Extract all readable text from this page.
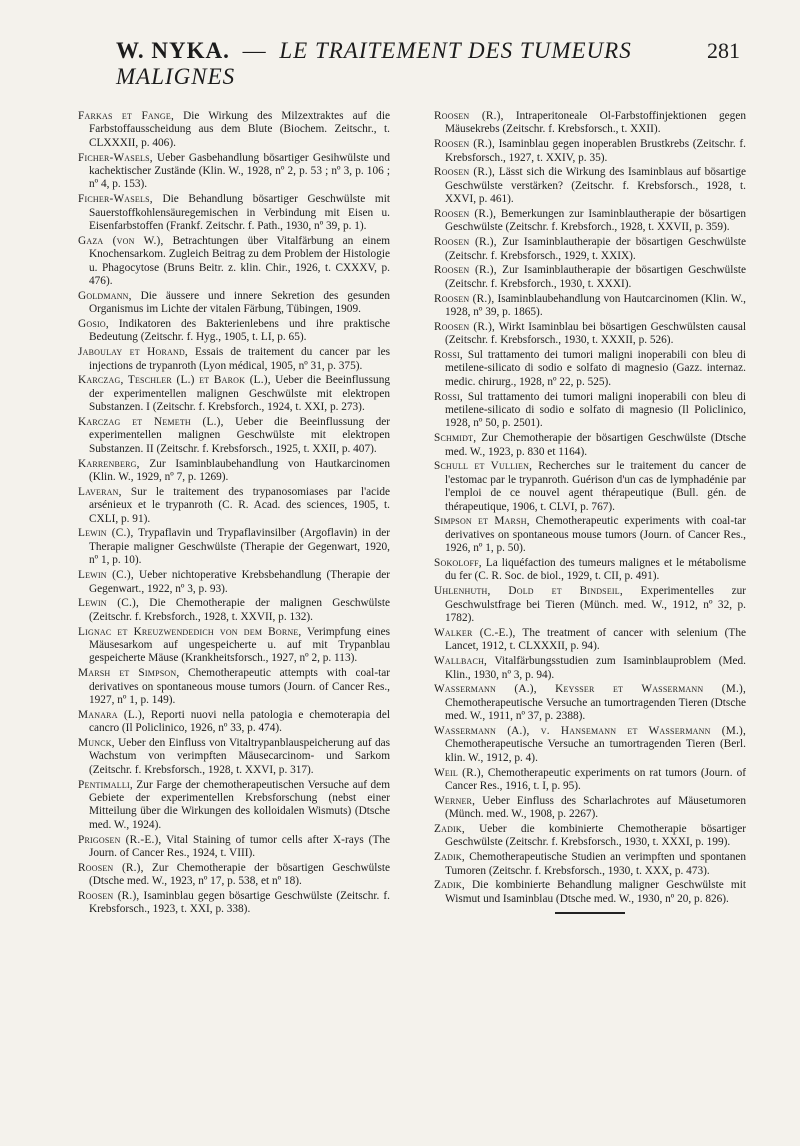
W. NYKA. — LE TRAITEMENT DES TUMEURS MALIGNES
281

Farkas et Fange, Die Wirkung des Milzextraktes auf die Farbstoffausscheidung aus dem Blute (Biochem. Zeitschr., t. CLXXXII, p. 406).

Ficher-Wasels, Ueber Gasbehandlung bösartiger Gesihwülste und kachektischer Zustände (Klin. W., 1928, nº 2, p. 53 ; nº 3, p. 106 ; nº 4, p. 153).

Ficher-Wasels, Die Behandlung bösartiger Geschwülste mit Sauerstoffkohlensäuregemischen in Verbindung mit Eisen u. Eisenfarbstoffen (Frankf. Zeitschr. f. Path., 1930, nº 39, p. 1).

Gaza (von W.), Betrachtungen über Vitalfärbung an einem Knochensarkom. Zugleich Beitrag zu dem Problem der Histologie u. Phagocytose (Bruns Beitr. z. klin. Chir., 1926, t. CXXXV, p. 476).

Goldmann, Die äussere und innere Sekretion des gesunden Organismus im Lichte der vitalen Färbung, Tübingen, 1909.

Gosio, Indikatoren des Bakterienlebens und ihre praktische Bedeutung (Zeitschr. f. Hyg., 1905, t. LI, p. 65).

Jaboulay et Horand, Essais de traitement du cancer par les injections de trypanroth (Lyon médical, 1905, nº 31, p. 375).

Karczag, Teschler (L.) et Barok (L.), Ueber die Beeinflussung der experimentellen malignen Geschwülste mit elektropen Substanzen. I (Zeitschr. f. Krebsforch., 1924, t. XXI, p. 273).

Karczag et Nemeth (L.), Ueber die Beeinflussung der experimentellen malignen Geschwülste mit elektropen Substanzen. II (Zeitschr. f. Krebsforsch., 1925, t. XXII, p. 407).

Karrenberg, Zur Isaminblaubehandlung von Hautkarcinomen (Klin. W., 1929, nº 7, p. 1269).

Laveran, Sur le traitement des trypanosomiases par l'acide arsénieux et le trypanroth (C. R. Acad. des sciences, 1905, t. CXLI, p. 91).

Lewin (C.), Trypaflavin und Trypaflavinsilber (Argoflavin) in der Therapie maligner Geschwülste (Therapie der Gegenwart, 1920, nº 1, p. 10).

Lewin (C.), Ueber nichtoperative Krebsbehandlung (Therapie der Gegenwart., 1922, nº 3, p. 93).

Lewin (C.), Die Chemotherapie der malignen Geschwülste (Zeitschr. f. Krebsforch., 1928, t. XXVII, p. 132).

Lignac et Kreuzwendedich von dem Borne, Verimpfung eines Mäusesarkom auf ungespeicherte u. auf mit Trypanblau gespeicherte Mäuse (Krankheitsforsch., 1927, nº 2, p. 113).

Marsh et Simpson, Chemotherapeutic attempts with coal-tar derivatives on spontaneous mouse tumors (Journ. of Cancer Res., 1927, nº 1, p. 149).

Manara (L.), Reporti nuovi nella patologia e chemoterapia del cancro (Il Policlinico, 1926, nº 33, p. 474).

Munck, Ueber den Einfluss von Vitaltrypanblauspeicherung auf das Wachstum von verimpften Mäusecarcinom- und Sarkom (Zeitschr. f. Krebsforsch., 1928, t. XXVI, p. 317).

Pentimalli, Zur Farge der chemotherapeutischen Versuche auf dem Gebiete der experimentellen Krebsforschung (nebst einer Mitteilung über die Wirkungen des kolloidalen Wismuts) (Dtsche med. W., 1924).

Prigosen (R.-E.), Vital Staining of tumor cells after X-rays (The Journ. of Cancer Res., 1924, t. VIII).

Roosen (R.), Zur Chemotherapie der bösartigen Geschwülste (Dtsche med. W., 1923, nº 17, p. 538, et nº 18).

Roosen (R.), Isaminblau gegen bösartige Geschwülste (Zeitschr. f. Krebsforsch., 1923, t. XXI, p. 338).

Roosen (R.), Intraperitoneale Ol-Farbstoffinjektionen gegen Mäusekrebs (Zeitschr. f. Krebsforsch., t. XXII).

Roosen (R.), Isaminblau gegen inoperablen Brustkrebs (Zeitschr. f. Krebsforsch., 1927, t. XXIV, p. 35).

Roosen (R.), Lässt sich die Wirkung des Isaminblaus auf bösartige Geschwülste verstärken? (Zeitschr. f. Krebsforsch., 1928, t. XXVI, p. 461).

Roosen (R.), Bemerkungen zur Isaminblautherapie der bösartigen Geschwülste (Zeitschr. f. Krebsforch., 1928, t. XXVII, p. 359).

Roosen (R.), Zur Isaminblautherapie der bösartigen Geschwülste (Zeitschr. f. Krebsforsch., 1929, t. XXIX).

Roosen (R.), Zur Isaminblautherapie der bösartigen Geschwülste (Zeitschr. f. Krebsforch., 1930, t. XXXI).

Roosen (R.), Isaminblaubehandlung von Hautcarcinomen (Klin. W., 1928, nº 39, p. 1865).

Roosen (R.), Wirkt Isaminblau bei bösartigen Geschwülsten causal (Zeitschr. f. Krebsforsch., 1930, t. XXXII, p. 526).

Rossi, Sul trattamento dei tumori maligni inoperabili con bleu di metilene-silicato di sodio e solfato di magnesio (Gazz. internaz. medic. chirurg., 1928, nº 22, p. 525).

Rossi, Sul trattamento dei tumori maligni inoperabili con bleu di metilene-silicato di sodio e solfato di magnesio (Il Policlinico, 1928, nº 50, p. 2501).

Schmidt, Zur Chemotherapie der bösartigen Geschwülste (Dtsche med. W., 1923, p. 830 et 1164).

Schull et Vullien, Recherches sur le traitement du cancer de l'estomac par le trypanroth. Guérison d'un cas de lymphadénie par l'emploi de ce nouvel agent thérapeutique (Bull. gén. de thérapeutique, 1906, t. CLVI, p. 767).

Simpson et Marsh, Chemotherapeutic experiments with coal-tar derivatives on spontaneous mouse tumors (Journ. of Cancer Res., 1926, nº 1, p. 50).

Sokoloff, La liquéfaction des tumeurs malignes et le métabolisme du fer (C. R. Soc. de biol., 1929, t. CII, p. 491).

Uhlenhuth, Dold et Bindseil, Experimentelles zur Geschwulstfrage bei Tieren (Münch. med. W., 1912, nº 32, p. 1782).

Walker (C.-E.), The treatment of cancer with selenium (The Lancet, 1912, t. CLXXXII, p. 94).

Wallbach, Vitalfärbungsstudien zum Isaminblauproblem (Med. Klin., 1930, nº 3, p. 94).

Wassermann (A.), Keysser et Wassermann (M.), Chemotherapeutische Versuche an tumortragenden Tieren (Dtsche med. W., 1911, nº 37, p. 2388).

Wassermann (A.), v. Hansemann et Wassermann (M.), Chemotherapeutische Versuche an tumortragenden Tieren (Berl. klin. W., 1912, p. 4).

Weil (R.), Chemotherapeutic experiments on rat tumors (Journ. of Cancer Res., 1916, t. I, p. 95).

Werner, Ueber Einfluss des Scharlachrotes auf Mäusetumoren (Münch. med. W., 1908, p. 2267).

Zadik, Ueber die kombinierte Chemotherapie bösartiger Geschwülste (Zeitschr. f. Krebsforsch., 1930, t. XXXI, p. 199).

Zadik, Chemotherapeutische Studien an verimpften und spontanen Tumoren (Zeitschr. f. Krebsforsch., 1930, t. XXX, p. 473).

Zadik, Die kombinierte Behandlung maligner Geschwülste mit Wismut und Isaminblau (Dtsche med. W., 1930, nº 20, p. 826).
